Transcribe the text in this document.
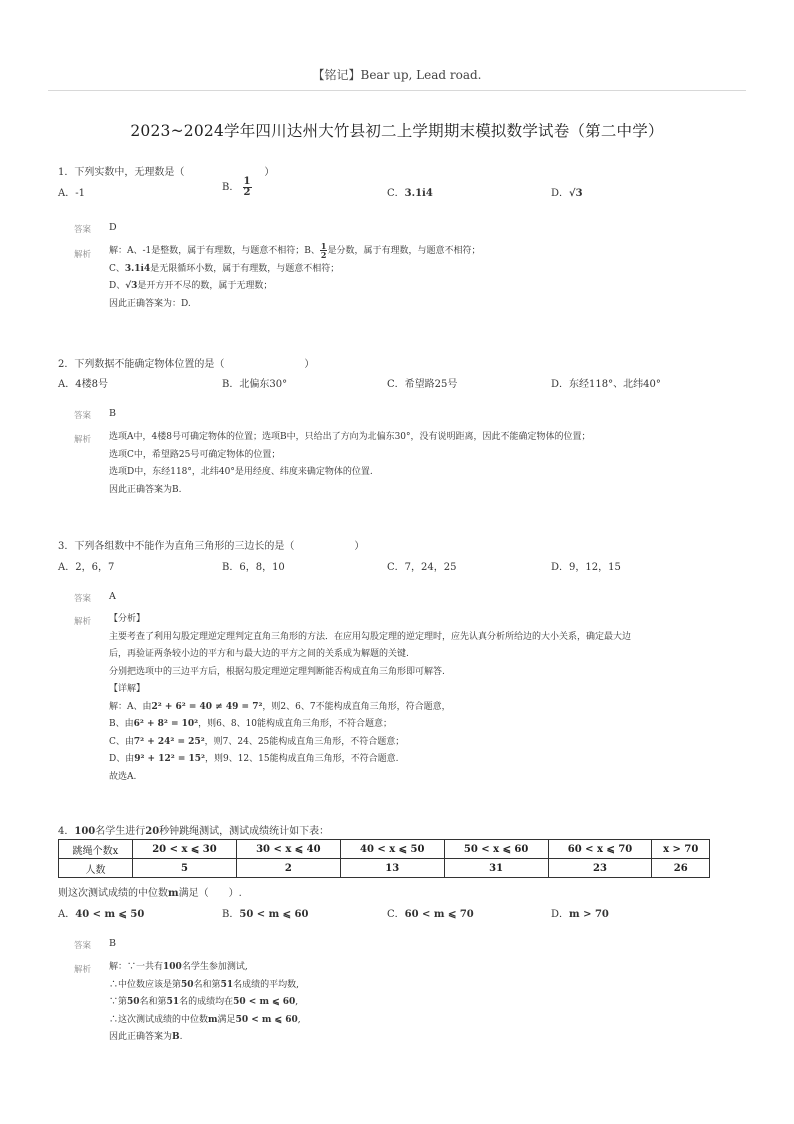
【铭记】Bear up, Lead road.
2023~2024学年四川达州大竹县初二上学期期末模拟数学试卷（第二中学）
1．下列实数中，无理数是（　　　　　　　　）
A．-1
B． $\frac{1}{2}$	C．3.1i̇4̇	D．√3
答案 D
解析 解：A、-1是整数，属于有理数，与题意不相符；B、 $\frac{1}{2}$ 是分数，属于有理数，与题意不相符；
C、3.1i̇4̇是无限循环小数，属于有理数，与题意不相符；
D、√3是开方开不尽的数，属于无理数；
因此正确答案为：D.
2．下列数据不能确定物体位置的是（　　　　　　　　）
A．4楼8号	B．北偏东30°	C．希望路25号	D．东经118°、北纬40°
答案 B
解析 选项A中，4楼8号可确定物体的位置；选项B中，只给出了方向为北偏东30°，没有说明距离，因此不能确定物体的位置；
选项C中，希望路25号可确定物体的位置；
选项D中，东经118°，北纬40°是用经度、纬度来确定物体的位置.
因此正确答案为B.
3．下列各组数中不能作为直角三角形的三边长的是（　　　　　　）
A．2，6，7	B．6，8，10	C．7，24，25	D．9，12，15
答案 A
解析 【分析】
主要考查了利用勾股定理逆定理判定直角三角形的方法．在应用勾股定理的逆定理时，应先认真分析所给边的大小关系，确定最大边
后，再验证两条较小边的平方和与最大边的平方之间的关系成为解题的关键.
分别把选项中的三边平方后，根据勾股定理逆定理判断能否构成直角三角形即可解答.
【详解】
解：A、由2² + 6² = 40 ≠ 49 = 7²，则2、6、7不能构成直角三角形，符合题意，
B、由6² + 8² = 10²，则6、8、10能构成直角三角形，不符合题意；
C、由7² + 24² = 25²，则7、24、25能构成直角三角形，不符合题意；
D、由9² + 12² = 15²，则9、12、15能构成直角三角形，不符合题意.
故选A.
4．100名学生进行20秒钟跳绳测试，测试成绩统计如下表：
跳绳个数x	20 < x ⩽ 30	30 < x ⩽ 40	40 < x ⩽ 50	50 < x ⩽ 60	60 < x ⩽ 70	x > 70
人数	5	2	13	31	23	26
则这次测试成绩的中位数m满足（　　）.
A．40 < m ⩽ 50	B．50 < m ⩽ 60	C．60 < m ⩽ 70	D．m > 70
答案 B
解析 解：∵一共有100名学生参加测试,
∴中位数应该是第50名和第51名成绩的平均数,
∵第50名和第51名的成绩均在50 < m ⩽ 60,
∴这次测试成绩的中位数m满足50 < m ⩽ 60,
因此正确答案为B.
